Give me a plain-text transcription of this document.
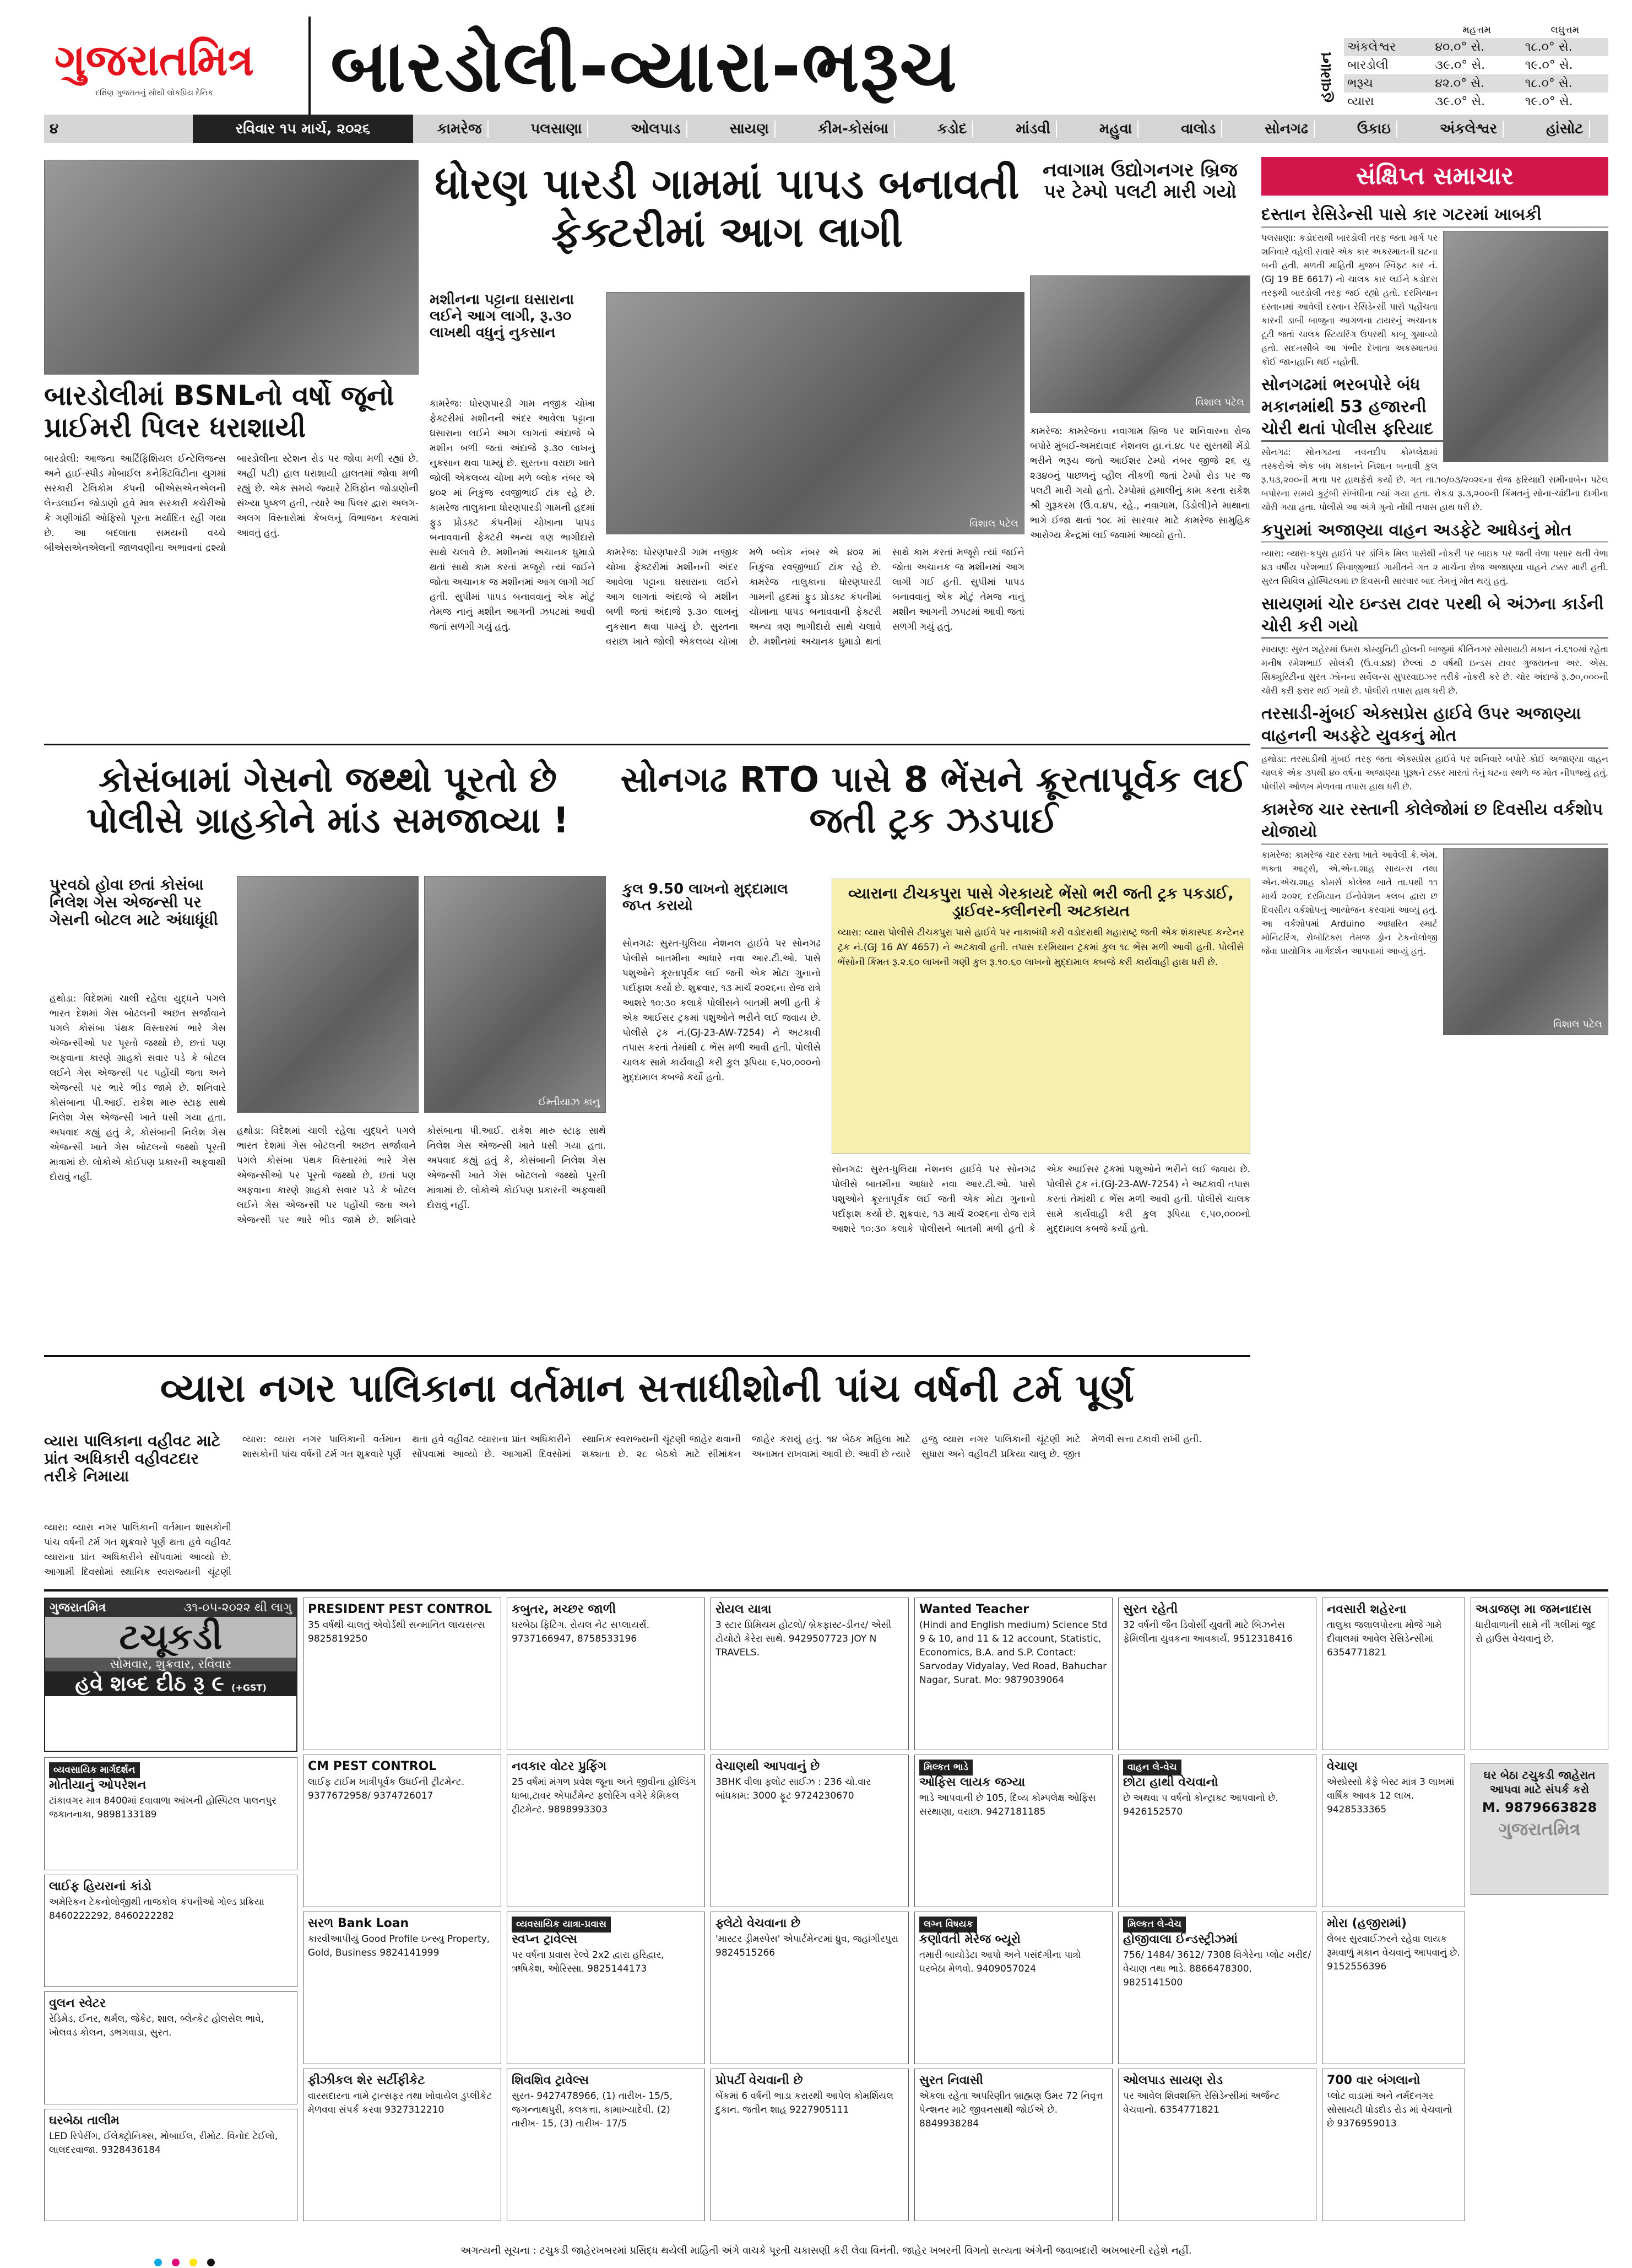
ગુજરાતમિત્ર
દક્ષિણ ગુજરાતનું સૌથી લોકપ્રિય દૈનિક	બારડોલી-વ્યારા-ભરૂચ	હવામાન
	મહત્તમ	લઘુત્તમ
અંકલેશ્વર	૪૦.૦° સે.	૧૮.૦° સે.
બારડોલી	૩૯.૦° સે.	૧૯.૦° સે.
ભરૂચ	૪૨.૦° સે.	૧૮.૦° સે.
વ્યારા	૩૯.૦° સે.	૧૯.૦° સે.
૪	રવિવાર ૧૫ માર્ચ, ૨૦૨૬	કામરેજ	પલસાણા	ઓલપાડ	સાયણ	કીમ-કોસંબા	કડોદ	માંડવી	મહુવા	વાલોડ	સોનગઢ	ઉકાઇ	અંકલેશ્વર	હાંસોટ
બારડોલીમાં BSNLનો વર્ષો જૂનો પ્રાઈમરી પિલર ધરાશાયી
બારડોલી: આજના આર્ટિફિશિયલ ઈન્ટેલિજન્સ અને હાઈ-સ્પીડ મોબાઈલ કનેક્ટિવિટીના યુગમાં સરકારી ટેલિકોમ કંપની બીએસએનએલની લેન્ડલાઈન જોડાણો હવે માત્ર સરકારી કચેરીઓ કે ગણીગાંઠી ઓફિસો પૂરતા મર્યાદિત રહી ગયા છે. આ બદલાતા સમયની વચ્ચે બીએસએનએલની જાળવણીના અભાવનાં દ્રશ્યો બારડોલીના સ્ટેશન રોડ પર જોવા મળી રહ્યાં છે. અહીં પટી) હાલ ધરાશાયી હાલતમાં જોવા મળી રહ્યું છે. એક સમયે જ્યારે ટેલિફોન જોડાણોની સંખ્યા પુષ્કળ હતી, ત્યારે આ પિલર દ્વારા અલગ-અલગ વિસ્તારોમાં કેબલનું વિભાજન કરવામાં આવતું હતું.
ધોરણ પારડી ગામમાં પાપડ બનાવતી ફેક્ટરીમાં આગ લાગી
મશીનના પટ્ટાના ઘસારાના લઈને આગ લાગી, રૂ.૩૦ લાખથી વધુનું નુકસાન
વિશાલ પટેલ
કામરેજ: ધોરણપારડી ગામ નજીક ચોખા ફેક્ટરીમાં મશીનની અંદર આવેલા પટ્ટાના ઘસારાના લઈને આગ લાગતાં અંદાજે બે મશીન બળી જતાં અંદાજે રૂ.૩૦ લાખનું નુકસાન થવા પામ્યું છે. સુરતના વરાછા ખાતે જોલી એકલવ્ય ચોખા મળે બ્લોક નંબર એ ૪૦૨ માં નિકુંજ રવજીભાઈ ટાંક રહે છે. કામરેજ તાલુકાના ધોરણપારડી ગામની હદમાં ફુડ પ્રોડક્ટ કંપનીમાં ચોખાના પાપડ બનાવવાની ફેક્ટરી અન્ય ત્રણ ભાગીદારો સાથે ચલાવે છે. મશીનમાં અચાનક ધુમાડો થતાં સાથે કામ કરતાં મજૂરો ત્યાં જઈને જોતા અચાનક જ મશીનમાં આગ લાગી ગઈ હતી. સુપીમાં પાપડ બનાવવાનું એક મોટું તેમજ નાનું મશીન આગની ઝપટમાં આવી જતાં સળગી ગયું હતું.
કામરેજ: ધોરણપારડી ગામ નજીક ચોખા ફેક્ટરીમાં મશીનની અંદર આવેલા પટ્ટાના ઘસારાના લઈને આગ લાગતાં અંદાજે બે મશીન બળી જતાં અંદાજે રૂ.૩૦ લાખનું નુકસાન થવા પામ્યું છે. સુરતના વરાછા ખાતે જોલી એકલવ્ય ચોખા મળે બ્લોક નંબર એ ૪૦૨ માં નિકુંજ રવજીભાઈ ટાંક રહે છે. કામરેજ તાલુકાના ધોરણપારડી ગામની હદમાં ફુડ પ્રોડક્ટ કંપનીમાં ચોખાના પાપડ બનાવવાની ફેક્ટરી અન્ય ત્રણ ભાગીદારો સાથે ચલાવે છે. મશીનમાં અચાનક ધુમાડો થતાં સાથે કામ કરતાં મજૂરો ત્યાં જઈને જોતા અચાનક જ મશીનમાં આગ લાગી ગઈ હતી. સુપીમાં પાપડ બનાવવાનું એક મોટું તેમજ નાનું મશીન આગની ઝપટમાં આવી જતાં સળગી ગયું હતું.
નવાગામ ઉદ્યોગનગર બ્રિજ પર ટેમ્પો પલટી મારી ગયો
વિશાલ પટેલ
કામરેજ: કામરેજના નવાગામ બ્રિજ પર શનિવારના રોજ બપોરે મુંબઈ-અમદાવાદ નેશનલ હા.નં.૪૮ પર સુરતથી મેંડો ભરીને ભરૂચ જતો આઈશર ટેમ્પો નંબર જીજે ૨૬ યુ ૨૩૪૦નું પાછળનું વ્હીલ નીકળી જતાં ટેમ્પો રોડ પર જ પલટી મારી ગયો હતો. ટેમ્પોમાં હમાલીનું કામ કરતા રાકેશ શ્રી ગુરૂકરમ (ઉ.વ.૪૫, રહે., નવાગામ, ડિંડોલી)ને માથાના ભાગે ઈજા થતાં ૧૦૮ માં સારવાર માટે કામરેજ સામુહિક આરોગ્ય કેન્દ્રમાં લઈ જવામાં આવ્યો હતો.
સંક્ષિપ્ત સમાચાર
દસ્તાન રેસિડેન્સી પાસે કાર ગટરમાં ખાબકી
પલસાણા: કડોદરાથી બારડોલી તરફ જતા માર્ગ પર શનિવારે વહેલી સવારે એક કાર અકસ્માતની ઘટના બની હતી. મળતી માહિતી મુજબ સ્વિફ્ટ કાર નં.(GJ 19 BE 6617) નો ચાલક કાર લઈને કડોદરા તરફથી બારડોલી તરફ જઈ રહ્યો હતો. દરમિયાન દસ્તાનમાં આવેલી દસ્તાન રેસિડેન્સી પાસે પહોંચતા કારની ડાબી બાજુના આગળના ટાયરનું અચાનક ટૂટી જતાં ચાલક સ્ટિયરિંગ ઉપરથી કાબૂ ગુમાવ્યો હતો. સદનસીબે આ ગંભીર દેખાતા અકસ્માતમાં કોઈ જાનહાનિ થઈ નહોતી.
સોનગઢમાં ભરબપોરે બંધ મકાનમાંથી 53 હજારની ચોરી થતાં પોલીસ ફરિયાદ
સોનગઢ: સોનગઢના નવનદીપ કોમ્પ્લેક્ષમાં તસ્કરોએ એક બંધ મકાનને નિશાન બનાવી કુલ રૂ.૫૩,૨૦૦ની મત્તા પર હાથફેરો કર્યો છે. ગત તા.૧૦/૦૩/૨૦૨૬ના રોજ ફરિયાદી સમીનાબેન પટેલ બપોરના સમયે કુટુંબી સંબંધીના ત્યાં ગયા હતા. રોકડા રૂ.૩,૨૦૦ની કિંમતનું સોના-ચાંદીના દાગીના ચોરી ગયા હતા. પોલીસે આ અંગે ગુનો નોંધી તપાસ હાથ ધરી છે.
કપુરામાં અજાણ્યા વાહન અડફેટે આધેડનું મોત
વ્યારા: વ્યારા-કપુરા હાઈવે પર ડાંગિક મિલ પાસેથી નોકરી પર બાઇક પર જતી વેળા પસાર થતી વેળા ૪૩ વર્ષીય પરેશભાઈ સિવાજીભાઈ ગામીતને ગત ૨ માર્ચના રોજ અજાણ્યા વાહને ટક્કર મારી હતી. સુરત સિવિલ હોસ્પિટલમાં છ દિવસની સારવાર બાદ તેમનું મોત થયું હતું.
સાયણમાં ચોર ઇન્ડસ ટાવર પરથી બે અંઝના કાર્ડની ચોરી કરી ગયો
સાયણ: સુરત શહેરમાં ઉમરા કોમ્યુનિટી હોલની બાજુમાં કીર્તિનગર સોસાયટી મકાન નં.૬૧૦માં રહેતા મનીષ રમેશભાઈ સોલંકી (ઉ.વ.૪૪) છેલ્લાં ૭ વર્ષથી ઇન્ડસ ટાવર ગુજરાતના અર. એસ. સિક્યુરિટીના સુરત ઝોનના સર્વેલન્સ સુપરવાઇઝર તરીકે નોકરી કરે છે. ચોર અંદાજે રૂ.૭૦,૦૦૦ની ચોરી કરી ફરાર થઈ ગયો છે. પોલીસે તપાસ હાથ ધરી છે.
તરસાડી-મુંબઈ એક્સપ્રેસ હાઈવે ઉપર અજાણ્યા વાહનની અડફેટે યુવકનું મોત
હથોડા: તરસાડીથી મુંબઈ તરફ જતા એક્સપ્રેસ હાઈવે પર શનિવારે બપોરે કોઈ અજાણ્યા વાહન ચાલકે એક ૩૫થી ૪૦ વર્ષના અજાણ્યા પુરૂષને ટક્કર મારતાં તેનું ઘટના સ્થળે જ મોત નીપજ્યું હતું. પોલીસે ઓળખ મેળવવા તપાસ હાથ ધરી છે.
કામરેજ ચાર રસ્તાની કોલેજોમાં છ દિવસીય વર્કશોપ યોજાયો
વિશાલ પટેલ
કામરેજ: કામરેજ ચાર રસ્તા ખાતે આવેલી કે.એમ. ભક્તા આર્ટ્સ, એ.એન.શાહ સાયન્સ તથા એન.એચ.શાહ કોમર્સ કોલેજ ખાતે તા.૫થી ૧૧ માર્ચ ૨૦૨૬ દરમિયાન ઈનોવેશન ક્લબ દ્વારા છ દિવસીય વર્કશોપનું આયોજન કરવામાં આવ્યું હતું. આ વર્કશોપમાં Arduino આધારિત સ્માર્ટ મોનિટરિંગ, રોબોટિક્સ તેમજ ડ્રોન ટેકનોલોજી જેવા પ્રાયોગિક માર્ગદર્શન આપવામાં આવ્યું હતું.
કોસંબામાં ગેસનો જથ્થો પૂરતો છે પોલીસે ગ્રાહકોને માંડ સમજાવ્યા !
પુરવઠો હોવા છતાં કોસંબા નિલેશ ગેસ એજન્સી પર ગેસની બોટલ માટે અંધાધૂંધી
ઈમ્તીયાઝ કાનુ
હથોડા: વિદેશમાં ચાલી રહેલા યુદ્ધને પગલે ભારત દેશમાં ગેસ બોટલની અછત સર્જાવાને પગલે કોસંબા પંથક વિસ્તારમાં ભારે ગેસ એજન્સીઓ પર પૂરતો જથ્થો છે, છતાં પણ અફવાના કારણે ગ્રાહકો સવાર પડે કે બોટલ લઈને ગેસ એજન્સી પર પહોંચી જતા અને એજન્સી પર ભારે ભીડ જામે છે. શનિવારે કોસંબાના પી.આઈ. રાકેશ મારુ સ્ટાફ સાથે નિલેશ ગેસ એજન્સી ખાતે ધસી ગયા હતા. અપવાદ કહ્યું હતું કે, કોસંબાની નિલેશ ગેસ એજન્સી ખાતે ગેસ બોટલનો જથ્થો પૂરતી માત્રામાં છે. લોકોએ કોઈપણ પ્રકારની અફવાથી દોરાવું નહીં.
હથોડા: વિદેશમાં ચાલી રહેલા યુદ્ધને પગલે ભારત દેશમાં ગેસ બોટલની અછત સર્જાવાને પગલે કોસંબા પંથક વિસ્તારમાં ભારે ગેસ એજન્સીઓ પર પૂરતો જથ્થો છે, છતાં પણ અફવાના કારણે ગ્રાહકો સવાર પડે કે બોટલ લઈને ગેસ એજન્સી પર પહોંચી જતા અને એજન્સી પર ભારે ભીડ જામે છે. શનિવારે કોસંબાના પી.આઈ. રાકેશ મારુ સ્ટાફ સાથે નિલેશ ગેસ એજન્સી ખાતે ધસી ગયા હતા. અપવાદ કહ્યું હતું કે, કોસંબાની નિલેશ ગેસ એજન્સી ખાતે ગેસ બોટલનો જથ્થો પૂરતી માત્રામાં છે. લોકોએ કોઈપણ પ્રકારની અફવાથી દોરાવું નહીં.
સોનગઢ RTO પાસે 8 ભેંસને ક્રૂરતાપૂર્વક લઈ જતી ટ્રક ઝડપાઈ
કુલ 9.50 લાખનો મુદ્દામાલ જપ્ત કરાયો
વ્યારાના ટીચકપુરા પાસે ગેરકાયદે ભેંસો ભરી જતી ટ્રક પકડાઈ, ડ્રાઈવર-ક્લીનરની અટકાયત
વ્યારા: વ્યારા પોલીસે ટીચકપુરા પાસે હાઈવે પર નાકાબંધી કરી વડોદરાથી મહારાષ્ટ્ર જતી એક શંકાસ્પદ કન્ટેનર ટ્રક નં.(GJ 16 AY 4657) ને અટકાવી હતી. તપાસ દરમિયાન ટ્રકમાં કુલ ૧૮ ભેંસ મળી આવી હતી. પોલીસે ભેંસોની કિંમત રૂ.૨.૬૦ લાખની ગણી કુલ રૂ.૧૦.૬૦ લાખનો મુદ્દામાલ કબજે કરી કાર્યવાહી હાથ ધરી છે.
સોનગઢ: સુરત-ધુલિયા નેશનલ હાઈવે પર સોનગઢ પોલીસે બાતમીના આધારે નવા આર.ટી.ઓ. પાસે પશુઓને ક્રૂરતાપૂર્વક લઈ જતી એક મોટા ગુનાનો પર્દાફાશ કર્યો છે. શુક્રવાર, ૧૩ માર્ચ ૨૦૨૬ના રોજ રાત્રે આશરે ૧૦:૩૦ કલાકે પોલીસને બાતમી મળી હતી કે એક આઈસર ટ્રકમાં પશુઓને ભરીને લઈ જવાય છે. પોલીસે ટ્રક નં.(GJ-23-AW-7254) ને અટકાવી તપાસ કરતાં તેમાંથી ૮ ભેંસ મળી આવી હતી. પોલીસે ચાલક સામે કાર્યવાહી કરી કુલ રૂપિયા ૯,૫૦,૦૦૦નો મુદ્દામાલ કબજે કર્યો હતો.
સોનગઢ: સુરત-ધુલિયા નેશનલ હાઈવે પર સોનગઢ પોલીસે બાતમીના આધારે નવા આર.ટી.ઓ. પાસે પશુઓને ક્રૂરતાપૂર્વક લઈ જતી એક મોટા ગુનાનો પર્દાફાશ કર્યો છે. શુક્રવાર, ૧૩ માર્ચ ૨૦૨૬ના રોજ રાત્રે આશરે ૧૦:૩૦ કલાકે પોલીસને બાતમી મળી હતી કે એક આઈસર ટ્રકમાં પશુઓને ભરીને લઈ જવાય છે. પોલીસે ટ્રક નં.(GJ-23-AW-7254) ને અટકાવી તપાસ કરતાં તેમાંથી ૮ ભેંસ મળી આવી હતી. પોલીસે ચાલક સામે કાર્યવાહી કરી કુલ રૂપિયા ૯,૫૦,૦૦૦નો મુદ્દામાલ કબજે કર્યો હતો.
વ્યારા નગર પાલિકાના વર્તમાન સત્તાધીશોની પાંચ વર્ષની ટર્મ પૂર્ણ
વ્યારા પાલિકાના વહીવટ માટે પ્રાંત અધિકારી વહીવટદાર તરીકે નિમાયા
વ્યારા: વ્યારા નગર પાલિકાની વર્તમાન શાસકોની પાંચ વર્ષની ટર્મ ગત શુક્રવારે પૂર્ણ થતા હવે વહીવટ વ્યારાના પ્રાંત અધિકારીને સોંપવામાં આવ્યો છે. આગામી દિવસોમાં સ્થાનિક સ્વરાજ્યની ચૂંટણી જાહેર થવાની શક્યતા છે. ૨૮ બેઠકો માટે સીમાંકન જાહેર કરાયું હતું. ૧૪ બેઠક મહિલા માટે અનામત રાખવામાં આવી છે. આવી છે ત્યારે હજુ વ્યારા નગર પાલિકાની ચૂંટણી માટે સુધારા અને વહીવટી પ્રક્રિયા ચાલુ છે. જીત મેળવી સત્તા ટકાવી રાખી હતી.
વ્યારા: વ્યારા નગર પાલિકાની વર્તમાન શાસકોની પાંચ વર્ષની ટર્મ ગત શુક્રવારે પૂર્ણ થતા હવે વહીવટ વ્યારાના પ્રાંત અધિકારીને સોંપવામાં આવ્યો છે. આગામી દિવસોમાં સ્થાનિક સ્વરાજ્યની ચૂંટણી
ગુજરાતમિત્ર	૩૧-૦૫-૨૦૨૨ થી લાગુ
ટચૂકડી
સોમવાર, શુક્રવાર, રવિવાર
હવે શબ્દ દીઠ રૂ ૯ (+GST)
વ્યવસાયિક માર્ગદર્શન
મોતીયાનું ઓપરેશન
ટાંકાવગર માત્ર 8400માં દવાવાળા આંખની હોસ્પિટલ પાલનપુર જકાતનાકા, 9898133189
લાઈફ હિયરાનાં કાંડો
અમેરિકન ટેકનોલોજીથી તાજકોલ કંપનીઓ ગોલ્ડ પ્રક્રિયા 8460222292, 8460222282
વુલન સ્વેટર
રેડિમેડ, ઈનર, થર્મલ, જેકેટ, શાલ, બ્લેન્કેટ હોલસેલ ભાવે, ખોલવડ કોલન, ડભગવાડા, સુરત.
ઘરબેઠા તાલીમ
LED રિપેરીંગ, ઈલેક્ટ્રોનિક્સ, મોબાઈલ, રીમોટ. વિનોદ ટેઈલો, લાલદરવાજા. 9328436184
PRESIDENT PEST CONTROL
35 વર્ષથી ચાલતું એવોર્ડથી સન્માનિત લાયસન્સ 9825819250
CM PEST CONTROL
લાઈફ ટાઈમ ખાત્રીપૂર્વક ઉધઈની ટ્રીટમેન્ટ. 9377672958/ 9374726017
સરળ Bank Loan
કારવીઆપીયું Good Profile ઇન્સ્યુ Property, Gold, Business 9824141999
ફીઝીકલ શેર સર્ટીફીકેટ
વારસદારના નામે ટ્રાન્સફર તથા ખોવાયેલ ડુપ્લીકેટ મેળવવા સંપર્ક કરવા 9327312210
કબુતર, મચ્છર જાળી
ઘરબેઠા ફિટિંગ. રોયલ નેટ સપ્લાયર્સ. 9737166947, 8758533196
નવકાર વોટર પ્રુફિંગ
25 વર્ષમાં મંગળ પ્રવેશ જૂના અને જીવીના હોલ્ડિંગ ધાબા,ટાવર એપાર્ટમેન્ટ ફ્લોરિંગ વગેરે કેમિકલ ટ્રીટમેન્ટ. 9898993303
વ્યવસાયિક યાત્રા-પ્રવાસ
સ્વપ્ન ટ્રાવેલ્સ
પર વર્ષના પ્રવાસ રેલ્વે 2x2 દ્વારા હરિદ્વાર, ઋષિકેશ, ઓરિસ્સા. 9825144173
શિવશિવ ટ્રાવેલ્સ
સુરત- 9427478966, (1) તારીખ- 15/5, જગન્નાથપુરી, કલકત્તા, કામાખ્યાદેવી. (2) તારીખ- 15, (3) તારીખ- 17/5
રોયલ યાત્રા
3 સ્ટાર પ્રિમિયમ હોટલો/ બ્રેકફાસ્ટ-ડીનર/ એસી ટોયોટો કેરેરા સાથે. 9429507723 JOY N TRAVELS.
વેચાણથી આપવાનું છે
3BHK વીલા ફ્લોટ સાઈઝ : 236 ચો.વાર બાંધકામ: 3000 ફૂટ 9724230670
ફ્લેટો વેચવાના છે
'માસ્ટર ડ્રીમસ્પેસ' એપાર્ટમેન્ટમાં ધ્રુવ, જહાંગીરપુરા 9824515266
પ્રોપર્ટી વેચવાની છે
બેંકમાં 6 વર્ષની ભાડા કરારથી આપેલ કોમર્શિયલ દુકાન. જતીન શાહ 9227905111
Wanted Teacher
(Hindi and English medium) Science Std 9 & 10, and 11 & 12 account, Statistic, Economics, B.A. and S.P. Contact: Sarvoday Vidyalay, Ved Road, Bahuchar Nagar, Surat. Mo: 9879039064
મિલ્કત ભાડે
ઓફિસ લાયક જગ્યા
ભાડે આપવાની છે 105, દિવ્ય કોમ્પલેક્ષ ઓફિસ સરથાણા, વરાછા. 9427181185
લગ્ન વિષયક
કર્ણાવતી મેરેજ બ્યૂરો
તમારી બાયોડેટા આપો અને પસંદગીના પાત્રો ઘરબેઠા મેળવો. 9409057024
સુરત નિવાસી
એકલા રહેતા અપરિણીત બ્રાહ્મણ ઉમર 72 નિવૃત્ત પેન્શનર માટે જીવનસાથી જોઈએ છે. 8849938284
સુરત રહેતી
32 વર્ષની જૈન ડિવોર્સી યુવતી માટે બિઝનેસ ફેમિલીના યુવકના આવકાર્ય. 9512318416
વાહન લે-વેચ
છોટા હાથી વેચવાનો
છે અથવા ૫ વર્ષનો કોન્ટ્રાક્ટ આપવાનો છે. 9426152570
મિલ્કત લે-વેચ
હોજીવાલા ઈન્ડસ્ટ્રીઝમાં
756/ 1484/ 3612/ 7308 વિગેરેના પ્લોટ ખરીદ/વેચાણ તથા ભાડે. 8866478300, 9825141500
ઓલપાડ સાયણ રોડ
પર આવેલ શિવશક્તિ રેસિડેન્સીમાં અર્જન્ટ વેચવાનો. 6354771821
નવસારી શહેરના
તાલુકા જલાલપોરના મોજે ગામે દીવાલમાં આવેલ રેસિડેન્સીમાં 6354771821
વેચાણ
એસ્પ્રેસ્સો કેફે બેસ્ટ માત્ર 3 લાખમાં વાર્ષિક આવક 12 લાખ. 9428533365
મોરા (હજીરામાં)
લેબર સુરવાઈઝરને રહેવા લાયક રૂમવાળું મકાન વેચવાનું આપવાનું છે. 9152556396
700 વાર બંગલાનો
પ્લોટ વાડામાં અને નર્મદનગર સોસાયટી ધોડદોડ રોડ માં વેચવાનો છે 9376959013
અડાજણ મા જમનાદાસ
ધારીવાળાની સામે ની ગલીમાં જુદ રો હાઉસ વેચવાનું છે.
ઘર બેઠા ટચુકડી જાહેરાત આપવા માટે સંપર્ક કરો
M. 9879663828
ગુજરાતમિત્ર
અગત્યની સૂચના : ટચુકડી જાહેરખબરમાં પ્રસિદ્ધ થયેલી માહિતી અંગે વાચકે પૂરતી ચકાસણી કરી લેવા વિનંતી. જાહેર ખબરની વિગતો સત્યતા અંગેની જવાબદારી અખબારની રહેશે નહીં.
